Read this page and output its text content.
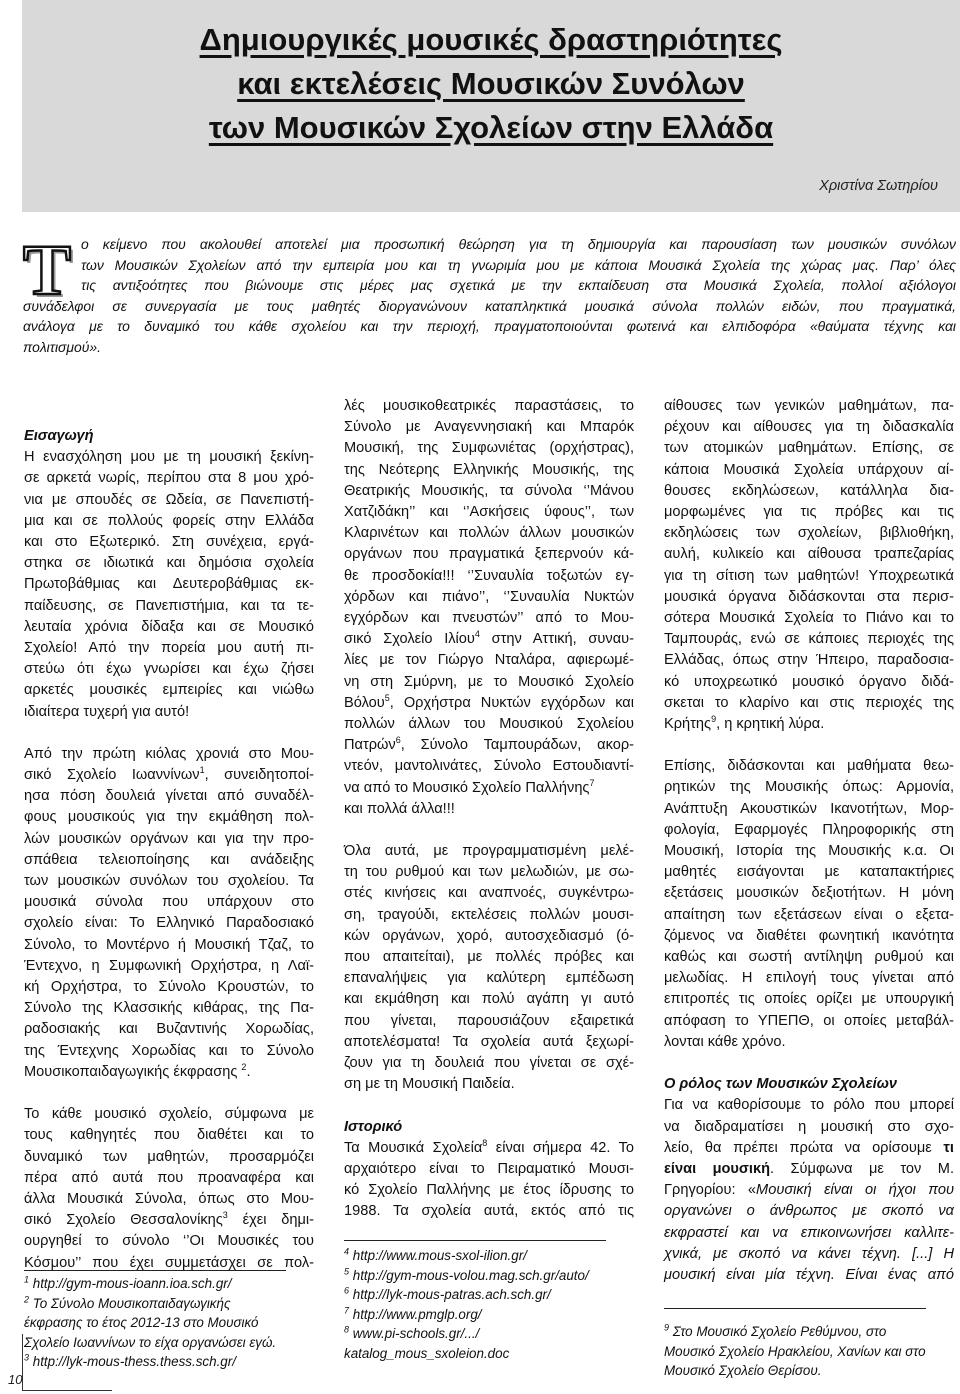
Δημιουργικές μουσικές δραστηριότητες
και εκτελέσεις Μουσικών Συνόλων
των Μουσικών Σχολείων στην Ελλάδα
Χριστίνα Σωτηρίου
Τ ο κείμενο που ακολουθεί αποτελεί μια προσωπική θεώρηση για τη δημιουργία και παρουσίαση των μουσικών συνόλων
των Μουσικών Σχολείων από την εμπειρία μου και τη γνωριμία μου με κάποια Μουσικά Σχολεία της χώρας μας. Παρ’ όλες
τις αντιξοότητες που βιώνουμε στις μέρες μας σχετικά με την εκπαίδευση στα Μουσικά Σχολεία, πολλοί αξιόλογοι
συνάδελφοι σε συνεργασία με τους μαθητές διοργανώνουν καταπληκτικά μουσικά σύνολα πολλών ειδών, που πραγματικά,
ανάλογα με το δυναμικό του κάθε σχολείου και την περιοχή, πραγματοποιούνται φωτεινά και ελπιδοφόρα «θαύματα τέχνης και
πολιτισμού».
Εισαγωγή
Η ενασχόληση μου με τη μουσική ξεκίνη-
σε αρκετά νωρίς, περίπου στα 8 μου χρό-
νια με σπουδές σε Ωδεία, σε Πανεπιστή-
μια και σε πολλούς φορείς στην Ελλάδα
και στο Εξωτερικό. Στη συνέχεια, εργά-
στηκα σε ιδιωτικά και δημόσια σχολεία
Πρωτοβάθμιας και Δευτεροβάθμιας εκ-
παίδευσης, σε Πανεπιστήμια, και τα τε-
λευταία χρόνια δίδαξα και σε Μουσικό
Σχολείο! Από την πορεία μου αυτή πι-
στεύω ότι έχω γνωρίσει και έχω ζήσει
αρκετές μουσικές εμπειρίες και νιώθω
ιδιαίτερα τυχερή για αυτό!
Από την πρώτη κιόλας χρονιά στο Μου-
σικό Σχολείο Ιωαννίνων$^1$, συνειδητοποί-
ησα πόση δουλειά γίνεται από συναδέλ-
φους μουσικούς για την εκμάθηση πολ-
λών μουσικών οργάνων και για την προ-
σπάθεια τελειοποίησης και ανάδειξης
των μουσικών συνόλων του σχολείου. Τα
μουσικά σύνολα που υπάρχουν στο
σχολείο είναι: Το Ελληνικό Παραδοσιακό
Σύνολο, το Μοντέρνο ή Μουσική Τζαζ, το
Έντεχνο, η Συμφωνική Ορχήστρα, η Λαϊ-
κή Ορχήστρα, το Σύνολο Κρουστών, το
Σύνολο της Κλασσικής κιθάρας, της Πα-
ραδοσιακής και Βυζαντινής Χορωδίας,
της Έντεχνης Χορωδίας και το Σύνολο
Μουσικοπαιδαγωγικής έκφρασης $^2$.
Το κάθε μουσικό σχολείο, σύμφωνα με
τους καθηγητές που διαθέτει και το
δυναμικό των μαθητών, προσαρμόζει
πέρα από αυτά που προαναφέρα και
άλλα Μουσικά Σύνολα, όπως στο Μου-
σικό Σχολείο Θεσσαλονίκης$^3$ έχει δημι-
ουργηθεί το σύνολο ‘’Οι Μουσικές του
Κόσμου’’ που έχει συμμετάσχει σε πολ-
$^1$ http://gym-mous-ioann.ioa.sch.gr/
$^2$ Το Σύνολο Μουσικοπαιδαγωγικής
έκφρασης το έτος 2012-13 στο Μουσικό
Σχολείο Ιωαννίνων το είχα οργανώσει εγώ.
$^3$ http://lyk-mous-thess.thess.sch.gr/
λές μουσικοθεατρικές παραστάσεις, το
Σύνολο με Αναγεννησιακή και Μπαρόκ
Μουσική, της Συμφωνιέτας (ορχήστρας),
της Νεότερης Ελληνικής Μουσικής, της
Θεατρικής Μουσικής, τα σύνολα ‘’Μάνου
Χατζιδάκη’’ και ‘’Ασκήσεις ύφους’’, των
Κλαρινέτων και πολλών άλλων μουσικών
οργάνων που πραγματικά ξεπερνούν κά-
θε προσδοκία!!! ‘’Συναυλία τοξωτών εγ-
χόρδων και πιάνο’’, ‘’Συναυλία Νυκτών
εγχόρδων και πνευστών’’ από το Μου-
σικό Σχολείο Ιλίου$^4$ στην Αττική, συναυ-
λίες με τον Γιώργο Νταλάρα, αφιερωμέ-
νη στη Σμύρνη, με το Μουσικό Σχολείο
Βόλου$^5$, Ορχήστρα Νυκτών εγχόρδων και
πολλών άλλων του Μουσικού Σχολείου
Πατρών$^6$, Σύνολο Ταμπουράδων, ακορ-
ντεόν, μαντολινάτες, Σύνολο Εστουδιαντί-
να από το Μουσικό Σχολείο Παλλήνης$^7$
και πολλά άλλα!!!
Όλα αυτά, με προγραμματισμένη μελέ-
τη του ρυθμού και των μελωδιών, με σω-
στές κινήσεις και αναπνοές, συγκέντρω-
ση, τραγούδι, εκτελέσεις πολλών μουσι-
κών οργάνων, χορό, αυτοσχεδιασμό (ό-
που απαιτείται), με πολλές πρόβες και
επαναλήψεις για καλύτερη εμπέδωση
και εκμάθηση και πολύ αγάπη γι αυτό
που γίνεται, παρουσιάζουν εξαιρετικά
αποτελέσματα! Τα σχολεία αυτά ξεχωρί-
ζουν για τη δουλειά που γίνεται σε σχέ-
ση με τη Μουσική Παιδεία.
Ιστορικό
Τα Μουσικά Σχολεία$^8$ είναι σήμερα 42. Το
αρχαιότερο είναι το Πειραματικό Μουσι-
κό Σχολείο Παλλήνης με έτος ίδρυσης το
1988. Τα σχολεία αυτά, εκτός από τις
$^4$ http://www.mous-sxol-ilion.gr/
$^5$ http://gym-mous-volou.mag.sch.gr/auto/
$^6$ http://lyk-mous-patras.ach.sch.gr/
$^7$ http://www.pmglp.org/
$^8$ www.pi-schools.gr/.../
katalog_mous_sxoleion.doc
αίθουσες των γενικών μαθημάτων, πα-
ρέχουν και αίθουσες για τη διδασκαλία
των ατομικών μαθημάτων. Επίσης, σε
κάποια Μουσικά Σχολεία υπάρχουν αί-
θουσες εκδηλώσεων, κατάλληλα δια-
μορφωμένες για τις πρόβες και τις
εκδηλώσεις των σχολείων, βιβλιοθήκη,
αυλή, κυλικείο και αίθουσα τραπεζαρίας
για τη σίτιση των μαθητών! Υποχρεωτικά
μουσικά όργανα διδάσκονται στα περισ-
σότερα Μουσικά Σχολεία το Πιάνο και το
Ταμπουράς, ενώ σε κάποιες περιοχές της
Ελλάδας, όπως στην Ήπειρο, παραδοσια-
κό υποχρεωτικό μουσικό όργανο διδά-
σκεται το κλαρίνο και στις περιοχές της
Κρήτης$^9$, η κρητική λύρα.
Επίσης, διδάσκονται και μαθήματα θεω-
ρητικών της Μουσικής όπως: Αρμονία,
Ανάπτυξη Ακουστικών Ικανοτήτων, Μορ-
φολογία, Εφαρμογές Πληροφορικής στη
Μουσική, Ιστορία της Μουσικής κ.α. Οι
μαθητές εισάγονται με καταπακτήριες
εξετάσεις μουσικών δεξιοτήτων. Η μόνη
απαίτηση των εξετάσεων είναι ο εξετα-
ζόμενος να διαθέτει φωνητική ικανότητα
καθώς και σωστή αντίληψη ρυθμού και
μελωδίας. Η επιλογή τους γίνεται από
επιτροπές τις οποίες ορίζει με υπουργική
απόφαση το ΥΠΕΠΘ, οι οποίες μεταβάλ-
λονται κάθε χρόνο.
Ο ρόλος των Μουσικών Σχολείων
Για να καθορίσουμε το ρόλο που μπορεί
να διαδραματίσει η μουσική στο σχο-
λείο, θα πρέπει πρώτα να ορίσουμε τι
είναι μουσική. Σύμφωνα με τον Μ.
Γρηγορίου: «Μουσική είναι οι ήχοι που
οργανώνει ο άνθρωπος με σκοπό να
εκφραστεί και να επικοινωνήσει καλλιτε-
χνικά, με σκοπό να κάνει τέχνη. [...] Η
μουσική είναι μία τέχνη. Είναι ένας από
$^9$ Στο Μουσικό Σχολείο Ρεθύμνου, στο
Μουσικό Σχολείο Ηρακλείου, Χανίων και στο
Μουσικό Σχολείο Θερίσου.
10
